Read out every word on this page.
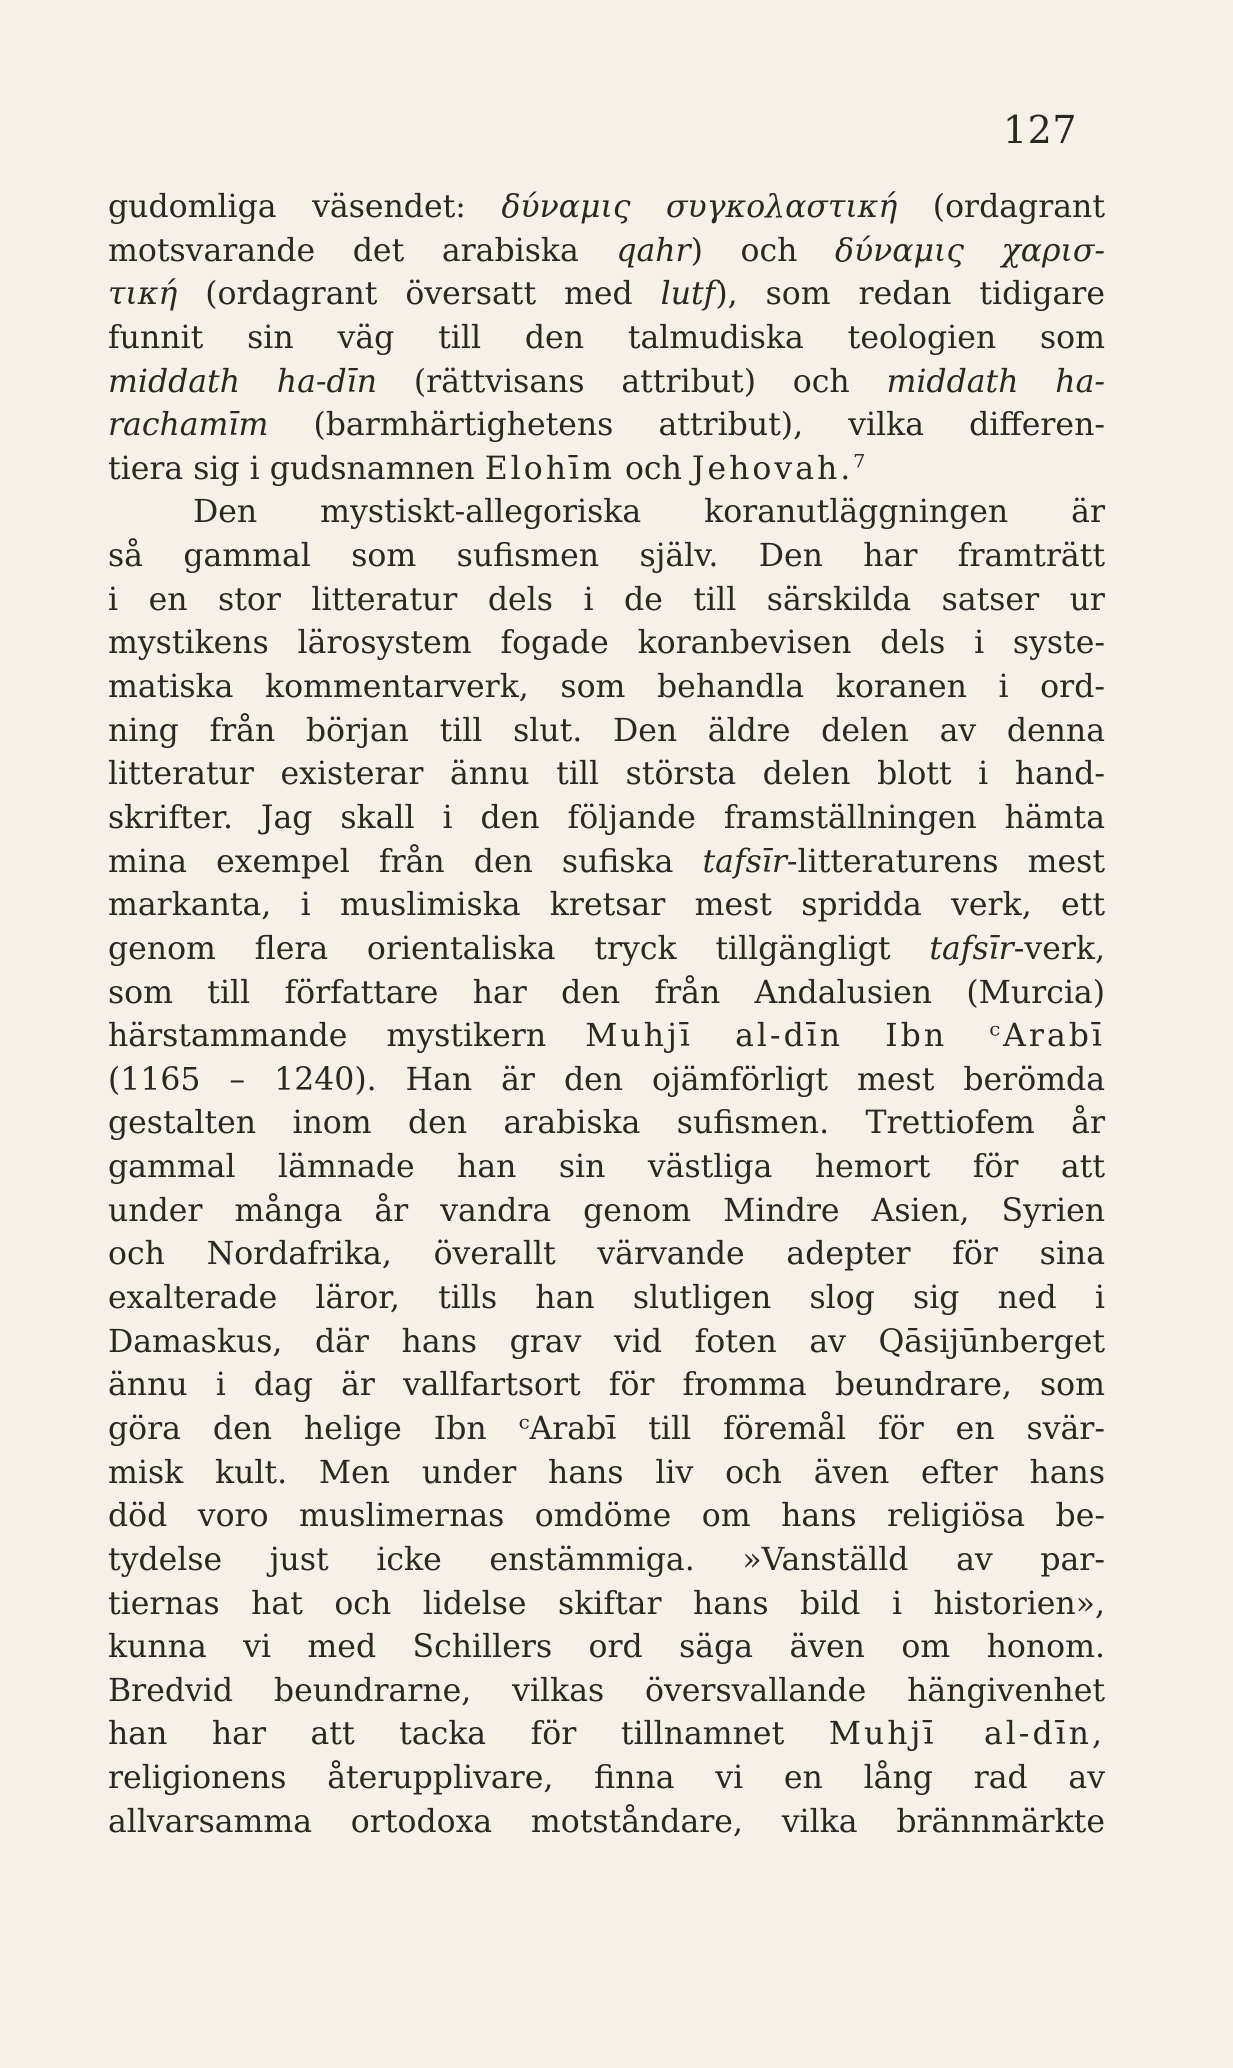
127
gudomliga väsendet: δύναμις συγκολαστική (ordagrant
motsvarande det arabiska qahr) och δύναμις χαρισ-
τική (ordagrant översatt med lutf), som redan tidigare
funnit sin väg till den talmudiska teologien som
middath ha-dīn (rättvisans attribut) och middath ha-
rachamīm (barmhärtighetens attribut), vilka differen-
tiera sig i gudsnamnen Elohīm och Jehovah.$^7$
Den mystiskt-allegoriska koranutläggningen är
så gammal som sufismen själv. Den har framträtt
i en stor litteratur dels i de till särskilda satser ur
mystikens lärosystem fogade koranbevisen dels i syste-
matiska kommentarverk, som behandla koranen i ord-
ning från början till slut. Den äldre delen av denna
litteratur existerar ännu till största delen blott i hand-
skrifter. Jag skall i den följande framställningen hämta
mina exempel från den sufiska tafsīr-litteraturens mest
markanta, i muslimiska kretsar mest spridda verk, ett
genom flera orientaliska tryck tillgängligt tafsīr-verk,
som till författare har den från Andalusien (Murcia)
härstammande mystikern Muhjī al-dīn Ibn ᶜArabī
(1165 – 1240). Han är den ojämförligt mest berömda
gestalten inom den arabiska sufismen. Trettiofem år
gammal lämnade han sin västliga hemort för att
under många år vandra genom Mindre Asien, Syrien
och Nordafrika, överallt värvande adepter för sina
exalterade läror, tills han slutligen slog sig ned i
Damaskus, där hans grav vid foten av Qāsijūnberget
ännu i dag är vallfartsort för fromma beundrare, som
göra den helige Ibn ᶜArabī till föremål för en svär-
misk kult. Men under hans liv och även efter hans
död voro muslimernas omdöme om hans religiösa be-
tydelse just icke enstämmiga. »Vanställd av par-
tiernas hat och lidelse skiftar hans bild i historien»,
kunna vi med Schillers ord säga även om honom.
Bredvid beundrarne, vilkas översvallande hängivenhet
han har att tacka för tillnamnet Muhjī al-dīn,
religionens återupplivare, finna vi en lång rad av
allvarsamma ortodoxa motståndare, vilka brännmärkte
